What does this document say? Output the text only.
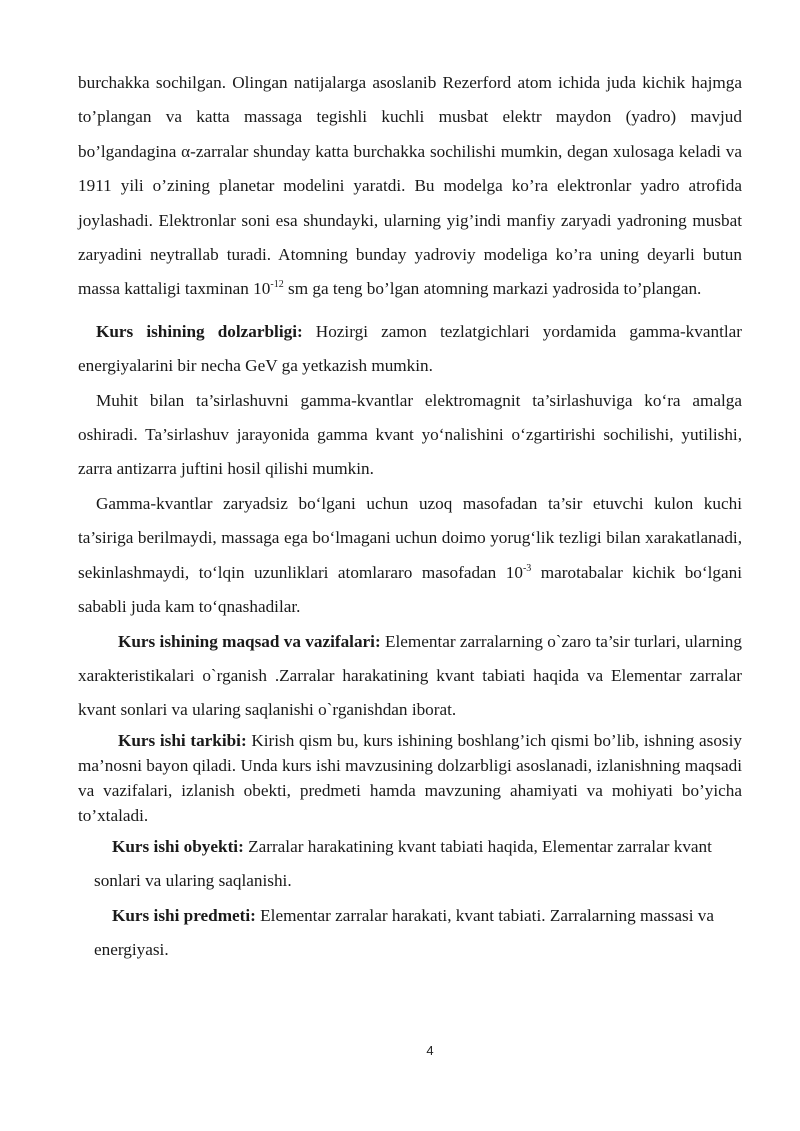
burchakka sochilgan. Olingan natijalarga asoslanib Rezerford atom ichida juda kichik hajmga to’plangan va katta massaga tegishli kuchli musbat elektr maydon (yadro) mavjud bo’lgandagina α-zarralar shunday katta burchakka sochilishi mumkin, degan xulosaga keladi va 1911 yili o’zining planetar modelini yaratdi. Bu modelga ko’ra elektronlar yadro atrofida joylashadi. Elektronlar soni esa shundayki, ularning yig’indi manfiy zaryadi yadroning musbat zaryadini neytrallab turadi. Atomning bunday yadroviy modeliga ko’ra uning deyarli butun massa kattaligi taxminan $10^{-12}$ sm ga teng bo’lgan atomning markazi yadrosida to’plangan.

Kurs ishining dolzarbligi: Hozirgi zamon tezlatgichlari yordamida gamma-kvantlar energiyalarini bir necha GeV ga yetkazish mumkin.

Muhit bilan ta’sirlashuvni gamma-kvantlar elektromagnit ta’sirlashuviga ko‘ra amalga oshiradi. Ta’sirlashuv jarayonida gamma kvant yo‘nalishini o‘zgartirishi sochilishi, yutilishi, zarra antizarra juftini hosil qilishi mumkin.

Gamma-kvantlar zaryadsiz bo‘lgani uchun uzoq masofadan ta’sir etuvchi kulon kuchi ta’siriga berilmaydi, massaga ega bo‘lmagani uchun doimo yorug‘lik tezligi bilan xarakatlanadi, sekinlashmaydi, to‘lqin uzunliklari atomlararo masofadan $10^{-3}$ marotabalar kichik bo‘lgani sababli juda kam to‘qnashadilar.

Kurs ishining maqsad va vazifalari: Elementar zarralarning o`zaro ta’sir turlari, ularning xarakteristikalari o`rganish .Zarralar harakatining kvant tabiati haqida va Elementar zarralar kvant sonlari va ularing saqlanishi o`rganishdan iborat.

Kurs ishi tarkibi: Kirish qism bu, kurs ishining boshlang’ich qismi bo’lib, ishning asosiy ma’nosni bayon qiladi. Unda kurs ishi mavzusining dolzarbligi asoslanadi, izlanishning maqsadi va vazifalari, izlanish obekti, predmeti hamda mavzuning ahamiyati va mohiyati bo’yicha to’xtaladi.

Kurs ishi obyekti: Zarralar harakatining kvant tabiati haqida, Elementar zarralar kvant sonlari va ularing saqlanishi.

Kurs ishi predmeti: Elementar zarralar harakati, kvant tabiati. Zarralarning massasi va energiyasi.

4
